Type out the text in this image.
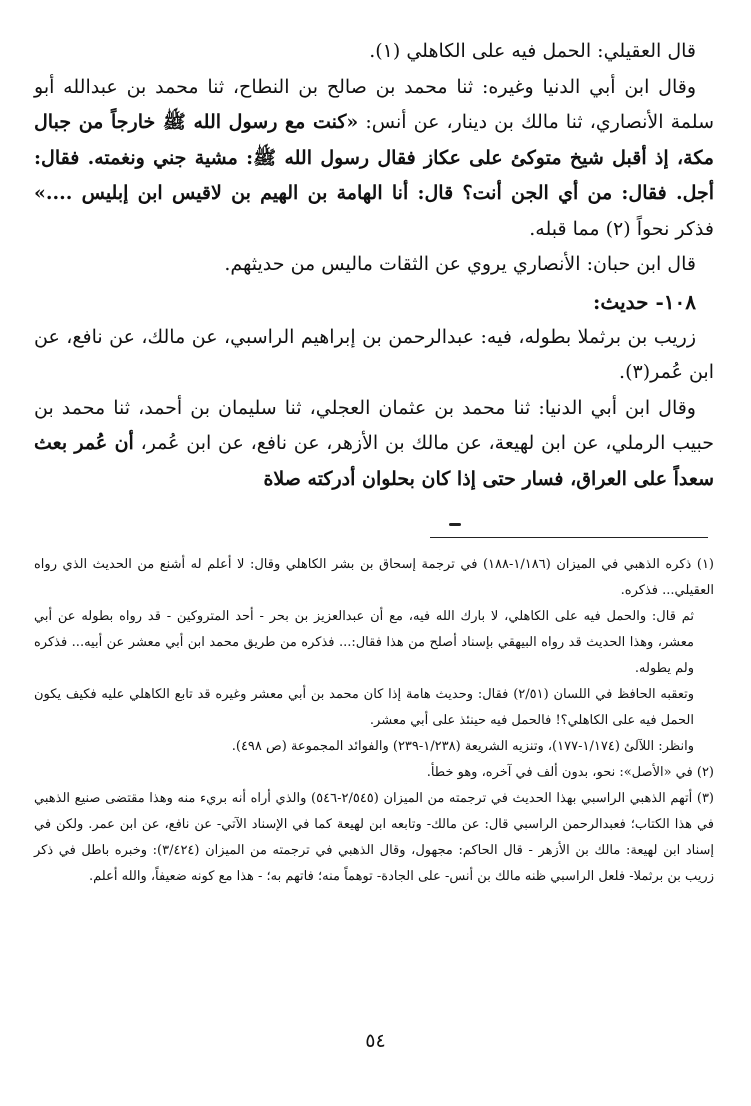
قال العقيلي: الحمل فيه على الكاهلي (١).

وقال ابن أبي الدنيا وغيره: ثنا محمد بن صالح بن النطاح، ثنا محمد بن عبدالله أبو سلمة الأنصاري، ثنا مالك بن دينار، عن أنس: «كنت مع رسول الله ﷺ خارجاً من جبال مكة، إذ أقبل شيخ متوكئ على عكاز فقال رسول الله ﷺ: مشية جني ونغمته. فقال: أجل. فقال: من أي الجن أنت؟ قال: أنا الهامة بن الهيم بن لاقيس ابن إبليس ....» فذكر نحواً (٢) مما قبله.

قال ابن حبان: الأنصاري يروي عن الثقات ماليس من حديثهم.

١٠٨- حديث:

زريب بن برثملا بطوله، فيه: عبدالرحمن بن إبراهيم الراسبي، عن مالك، عن نافع، عن ابن عُمر(٣).

وقال ابن أبي الدنيا: ثنا محمد بن عثمان العجلي، ثنا سليمان بن أحمد، ثنا محمد بن حبيب الرملي، عن ابن لهيعة، عن مالك بن الأزهر، عن نافع، عن ابن عُمر، أن عُمر بعث سعداً على العراق، فسار حتى إذا كان بحلوان أدركته صلاة

(١) ذكره الذهبي في الميزان (١/١٨٦-١٨٨) في ترجمة إسحاق بن بشر الكاهلي وقال: لا أعلم له أشنع من الحديث الذي رواه العقيلي... فذكره.

ثم قال: والحمل فيه على الكاهلي، لا بارك الله فيه، مع أن عبدالعزيز بن بحر - أحد المتروكين - قد رواه بطوله عن أبي معشر، وهذا الحديث قد رواه البيهقي بإسناد أصلح من هذا فقال:... فذكره من طريق محمد ابن أبي معشر عن أبيه... فذكره ولم يطوله.

وتعقبه الحافظ في اللسان (٢/٥١) فقال: وحديث هامة إذا كان محمد بن أبي معشر وغيره قد تابع الكاهلي عليه فكيف يكون الحمل فيه على الكاهلي؟! فالحمل فيه حينئذ على أبي معشر.

وانظر: اللآلئ (١/١٧٤-١٧٧)، وتنزيه الشريعة (١/٢٣٨-٢٣٩) والفوائد المجموعة (ص ٤٩٨).

(٢) في «الأصل»: نحو، بدون ألف في آخره، وهو خطأ.

(٣) أتهم الذهبي الراسبي بهذا الحديث في ترجمته من الميزان (٢/٥٤٥-٥٤٦) والذي أراه أنه بريء منه وهذا مقتضى صنيع الذهبي في هذا الكتاب؛ فعبدالرحمن الراسبي قال: عن مالك- وتابعه ابن لهيعة كما في الإسناد الآتي- عن نافع، عن ابن عمر. ولكن في إسناد ابن لهيعة: مالك بن الأزهر - قال الحاكم: مجهول، وقال الذهبي في ترجمته من الميزان (٣/٤٢٤): وخبره باطل في ذكر زريب بن برثملا- فلعل الراسبي ظنه مالك بن أنس- على الجادة- توهماً منه؛ فاتهم به؛ - هذا مع كونه ضعيفاً، والله أعلم.

٥٤
